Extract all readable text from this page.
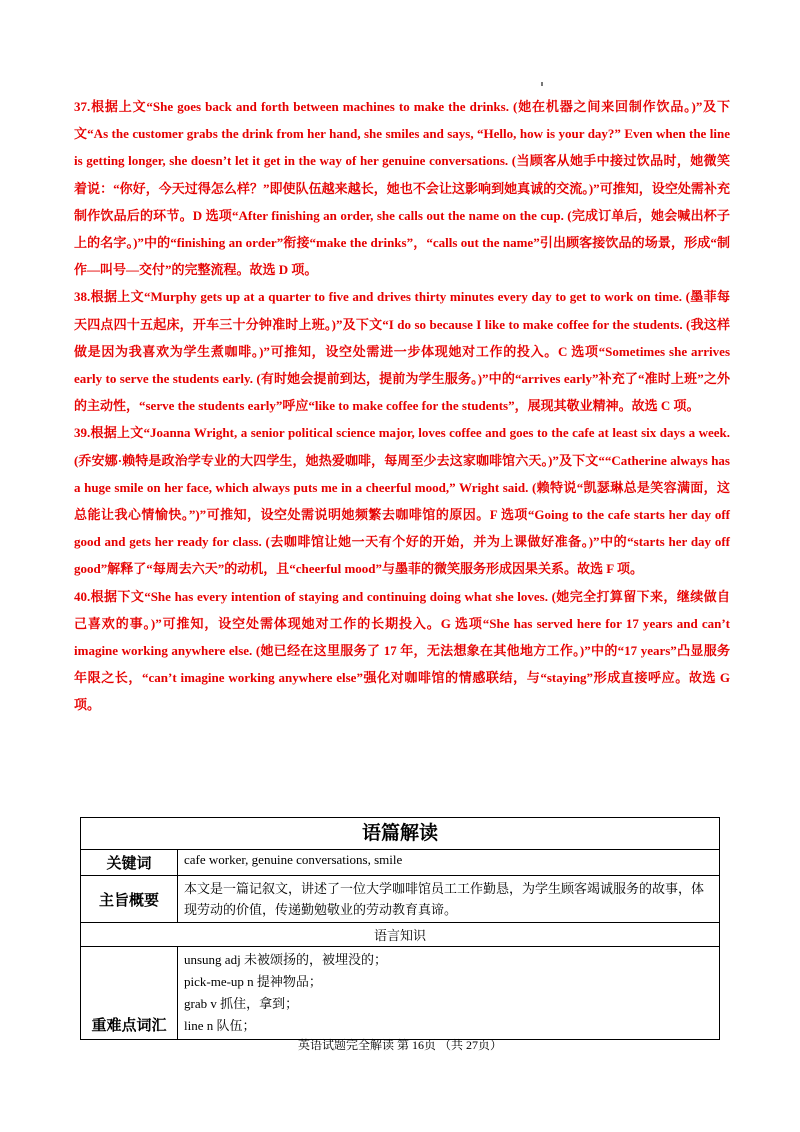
37.根据上文“She goes back and forth between machines to make the drinks. (她在机器之间来回制作饮品。)”及下文“As the customer grabs the drink from her hand, she smiles and says, “Hello, how is your day?” Even when the line is getting longer, she doesn’t let it get in the way of her genuine conversations. (当顾客从她手中接过饮品时，她微笑着说：“你好，今天过得怎么样？”即使队伍越来越长，她也不会让这影响到她真诚的交流。)”可推知，设空处需补充制作饮品后的环节。D 选项“After finishing an order, she calls out the name on the cup. (完成订单后，她会喊出杯子上的名字。)”中的“finishing an order”衔接“make the drinks”，“calls out the name”引出顾客接饮品的场景，形成“制作—叫号—交付”的完整流程。故选 D 项。

38.根据上文“Murphy gets up at a quarter to five and drives thirty minutes every day to get to work on time. (墨菲每天四点四十五起床，开车三十分钟准时上班。)”及下文“I do so because I like to make coffee for the students. (我这样做是因为我喜欢为学生煮咖啡。)”可推知，设空处需进一步体现她对工作的投入。C 选项“Sometimes she arrives early to serve the students early. (有时她会提前到达，提前为学生服务。)”中的“arrives early”补充了“准时上班”之外的主动性，“serve the students early”呼应“like to make coffee for the students”，展现其敬业精神。故选 C 项。

39.根据上文“Joanna Wright, a senior political science major, loves coffee and goes to the cafe at least six days a week. (乔安娜·赖特是政治学专业的大四学生，她热爱咖啡，每周至少去这家咖啡馆六天。)”及下文““Catherine always has a huge smile on her face, which always puts me in a cheerful mood,” Wright said. (赖特说“凯瑟琳总是笑容满面，这总能让我心情愉快。”)”可推知，设空处需说明她频繁去咖啡馆的原因。F 选项“Going to the cafe starts her day off good and gets her ready for class. (去咖啡馆让她一天有个好的开始，并为上课做好准备。)”中的“starts her day off good”解释了“每周去六天”的动机，且“cheerful mood”与墨菲的微笑服务形成因果关系。故选 F 项。

40.根据下文“She has every intention of staying and continuing doing what she loves. (她完全打算留下来，继续做自己喜欢的事。)”可推知，设空处需体现她对工作的长期投入。G 选项“She has served here for 17 years and can’t imagine working anywhere else. (她已经在这里服务了 17 年，无法想象在其他地方工作。)”中的“17 years”凸显服务年限之长，“can’t imagine working anywhere else”强化对咖啡馆的情感联结，与“staying”形成直接呼应。故选 G 项。

语篇解读	
关键词	cafe worker, genuine conversations, smile
主旨概要	本文是一篇记叙文，讲述了一位大学咖啡馆员工工作勤恳，为学生顾客竭诚服务的故事，体现劳动的价值，传递勤勉敬业的劳动教育真谛。
语言知识	
重难点词汇	unsung adj 未被颂扬的，被埋没的；
pick-me-up n 提神物品；
grab v 抓住，拿到；
line n 队伍；
英语试题完全解读 第 16页 （共 27页）
